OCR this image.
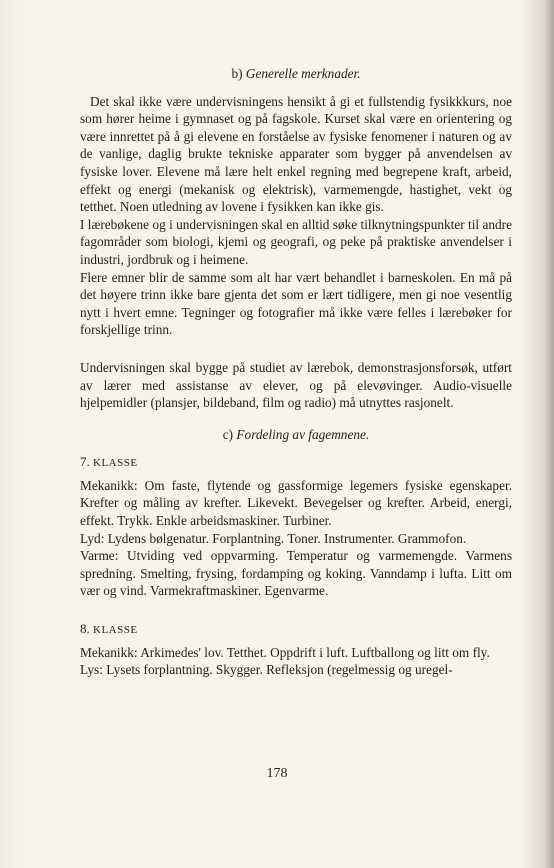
b) Generelle merknader.

Det skal ikke være undervisningens hensikt å gi et fullstendig fysikkkurs, noe som hører heime i gymnaset og på fagskole. Kurset skal være en orientering og være innrettet på å gi elevene en forståelse av fysiske fenomener i naturen og av de vanlige, daglig brukte tekniske apparater som bygger på anvendelsen av fysiske lover. Elevene må lære helt enkel regning med begrepene kraft, arbeid, effekt og energi (mekanisk og elektrisk), varmemengde, hastighet, vekt og tetthet. Noen utledning av lovene i fysikken kan ikke gis.

I lærebøkene og i undervisningen skal en alltid søke tilknytningspunkter til andre fagområder som biologi, kjemi og geografi, og peke på praktiske anvendelser i industri, jordbruk og i heimene.

Flere emner blir de samme som alt har vært behandlet i barneskolen. En må på det høyere trinn ikke bare gjenta det som er lært tidligere, men gi noe vesentlig nytt i hvert emne. Tegninger og fotografier må ikke være felles i lærebøker for forskjellige trinn.

Undervisningen skal bygge på studiet av lærebok, demonstrasjonsforsøk, utført av lærer med assistanse av elever, og på elevøvinger. Audio-visuelle hjelpemidler (plansjer, bildeband, film og radio) må utnyttes rasjonelt.

c) Fordeling av fagemnene.
7. KLASSE

Mekanikk: Om faste, flytende og gassformige legemers fysiske egenskaper. Krefter og måling av krefter. Likevekt. Bevegelser og krefter. Arbeid, energi, effekt. Trykk. Enkle arbeidsmaskiner. Turbiner.

Lyd: Lydens bølgenatur. Forplantning. Toner. Instrumenter. Grammofon.

Varme: Utviding ved oppvarming. Temperatur og varmemengde. Varmens spredning. Smelting, frysing, fordamping og koking. Vanndamp i lufta. Litt om vær og vind. Varmekraftmaskiner. Egenvarme.

8. KLASSE

Mekanikk: Arkimedes' lov. Tetthet. Oppdrift i luft. Luftballong og litt om fly.

Lys: Lysets forplantning. Skygger. Refleksjon (regelmessig og uregel-

178
